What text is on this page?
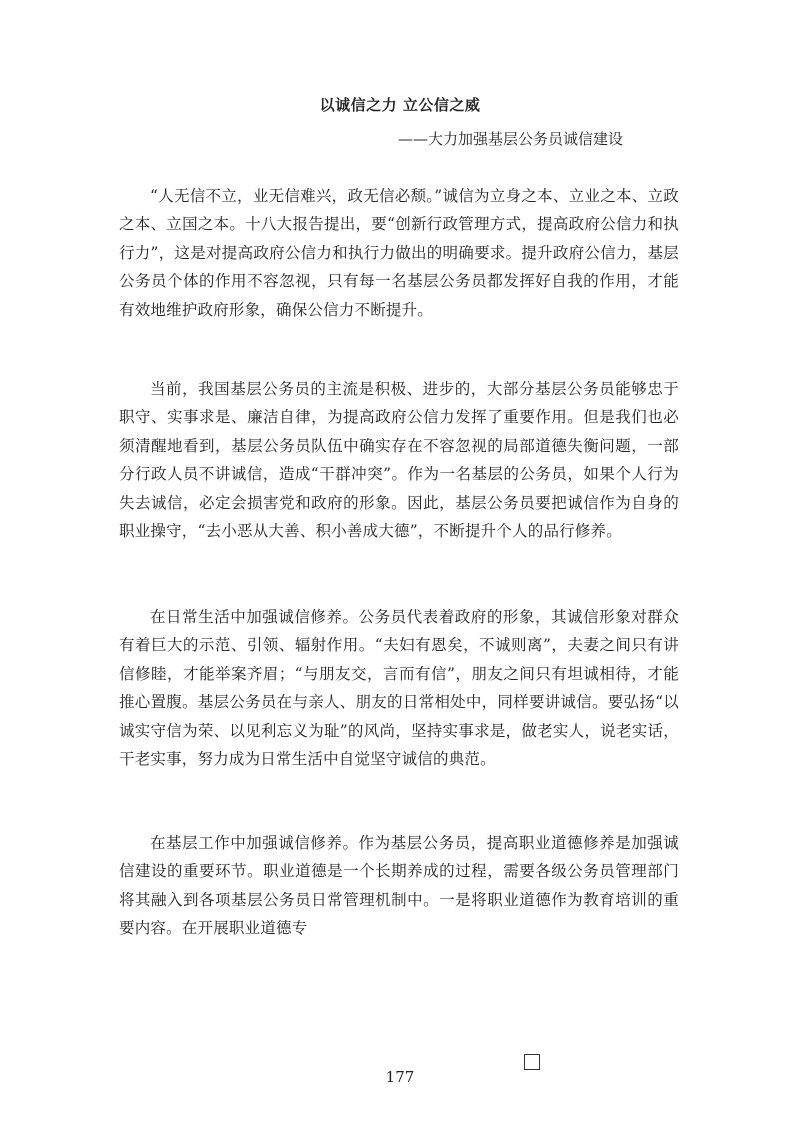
以诚信之力 立公信之威

——大力加强基层公务员诚信建设

“人无信不立，业无信难兴，政无信必颓。”诚信为立身之本、立业之本、立政之本、立国之本。十八大报告提出，要“创新行政管理方式，提高政府公信力和执行力”，这是对提高政府公信力和执行力做出的明确要求。提升政府公信力，基层公务员个体的作用不容忽视，只有每一名基层公务员都发挥好自我的作用，才能有效地维护政府形象，确保公信力不断提升。

当前，我国基层公务员的主流是积极、进步的，大部分基层公务员能够忠于职守、实事求是、廉洁自律，为提高政府公信力发挥了重要作用。但是我们也必须清醒地看到，基层公务员队伍中确实存在不容忽视的局部道德失衡问题，一部分行政人员不讲诚信，造成“干群冲突”。作为一名基层的公务员，如果个人行为失去诚信，必定会损害党和政府的形象。因此，基层公务员要把诚信作为自身的职业操守，“去小恶从大善、积小善成大德”，不断提升个人的品行修养。

在日常生活中加强诚信修养。公务员代表着政府的形象，其诚信形象对群众有着巨大的示范、引领、辐射作用。“夫妇有恩矣，不诚则离”，夫妻之间只有讲信修睦，才能举案齐眉；“与朋友交，言而有信”，朋友之间只有坦诚相待，才能推心置腹。基层公务员在与亲人、朋友的日常相处中，同样要讲诚信。要弘扬“以诚实守信为荣、以见利忘义为耻”的风尚，坚持实事求是，做老实人，说老实话，干老实事，努力成为日常生活中自觉坚守诚信的典范。

在基层工作中加强诚信修养。作为基层公务员，提高职业道德修养是加强诚信建设的重要环节。职业道德是一个长期养成的过程，需要各级公务员管理部门将其融入到各项基层公务员日常管理机制中。一是将职业道德作为教育培训的重要内容。在开展职业道德专

177
